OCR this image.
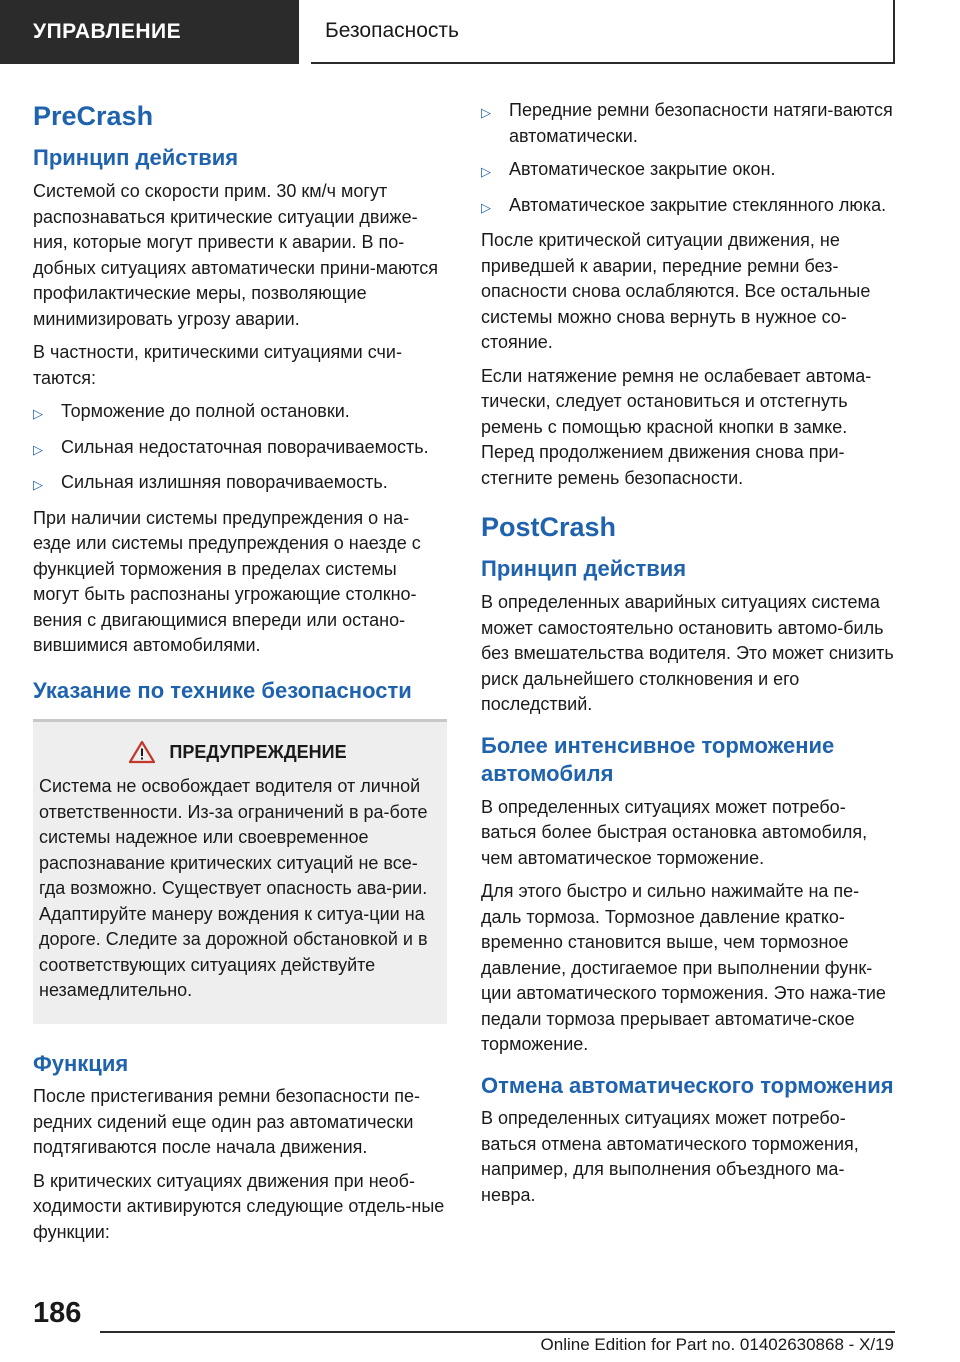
УПРАВЛЕНИЕ	Безопасность
PreCrash
Принцип действия
Системой со скорости прим. 30 км/ч могут распознаваться критические ситуации движе-ния, которые могут привести к аварии. В по-добных ситуациях автоматически прини-маются профилактические меры, позволяющие минимизировать угрозу аварии.
В частности, критическими ситуациями счи-таются:
▷	Торможение до полной остановки.
▷	Сильная недостаточная поворачиваемость.
▷	Сильная излишняя поворачиваемость.
При наличии системы предупреждения о на-езде или системы предупреждения о наезде с функцией торможения в пределах системы могут быть распознаны угрожающие столкно-вения с двигающимися впереди или остано-вившимися автомобилями.
Указание по технике безопасности
ПРЕДУПРЕЖДЕНИЕ
Система не освобождает водителя от личной ответственности. Из-за ограничений в ра-боте системы надежное или своевременное распознавание критических ситуаций не все-гда возможно. Существует опасность ава-рии. Адаптируйте манеру вождения к ситуа-ции на дороге. Следите за дорожной обстановкой и в соответствующих ситуациях действуйте незамедлительно.
Функция
После пристегивания ремни безопасности пе-редних сидений еще один раз автоматически подтягиваются после начала движения.
В критических ситуациях движения при необ-ходимости активируются следующие отдель-ные функции:
▷	Передние ремни безопасности натяги-ваются автоматически.
▷	Автоматическое закрытие окон.
▷	Автоматическое закрытие стеклянного люка.
После критической ситуации движения, не приведшей к аварии, передние ремни без-опасности снова ослабляются. Все остальные системы можно снова вернуть в нужное со-стояние.
Если натяжение ремня не ослабевает автома-тически, следует остановиться и отстегнуть ремень с помощью красной кнопки в замке. Перед продолжением движения снова при-стегните ремень безопасности.
PostCrash
Принцип действия
В определенных аварийных ситуациях система может самостоятельно остановить автомо-биль без вмешательства водителя. Это может снизить риск дальнейшего столкновения и его последствий.
Более интенсивное торможение автомобиля
В определенных ситуациях может потребо-ваться более быстрая остановка автомобиля, чем автоматическое торможение.
Для этого быстро и сильно нажимайте на пе-даль тормоза. Тормозное давление кратко-временно становится выше, чем тормозное давление, достигаемое при выполнении функ-ции автоматического торможения. Это нажа-тие педали тормоза прерывает автоматиче-ское торможение.
Отмена автоматического торможения
В определенных ситуациях может потребо-ваться отмена автоматического торможения, например, для выполнения объездного ма-невра.
186
Online Edition for Part no. 01402630868 - X/19
